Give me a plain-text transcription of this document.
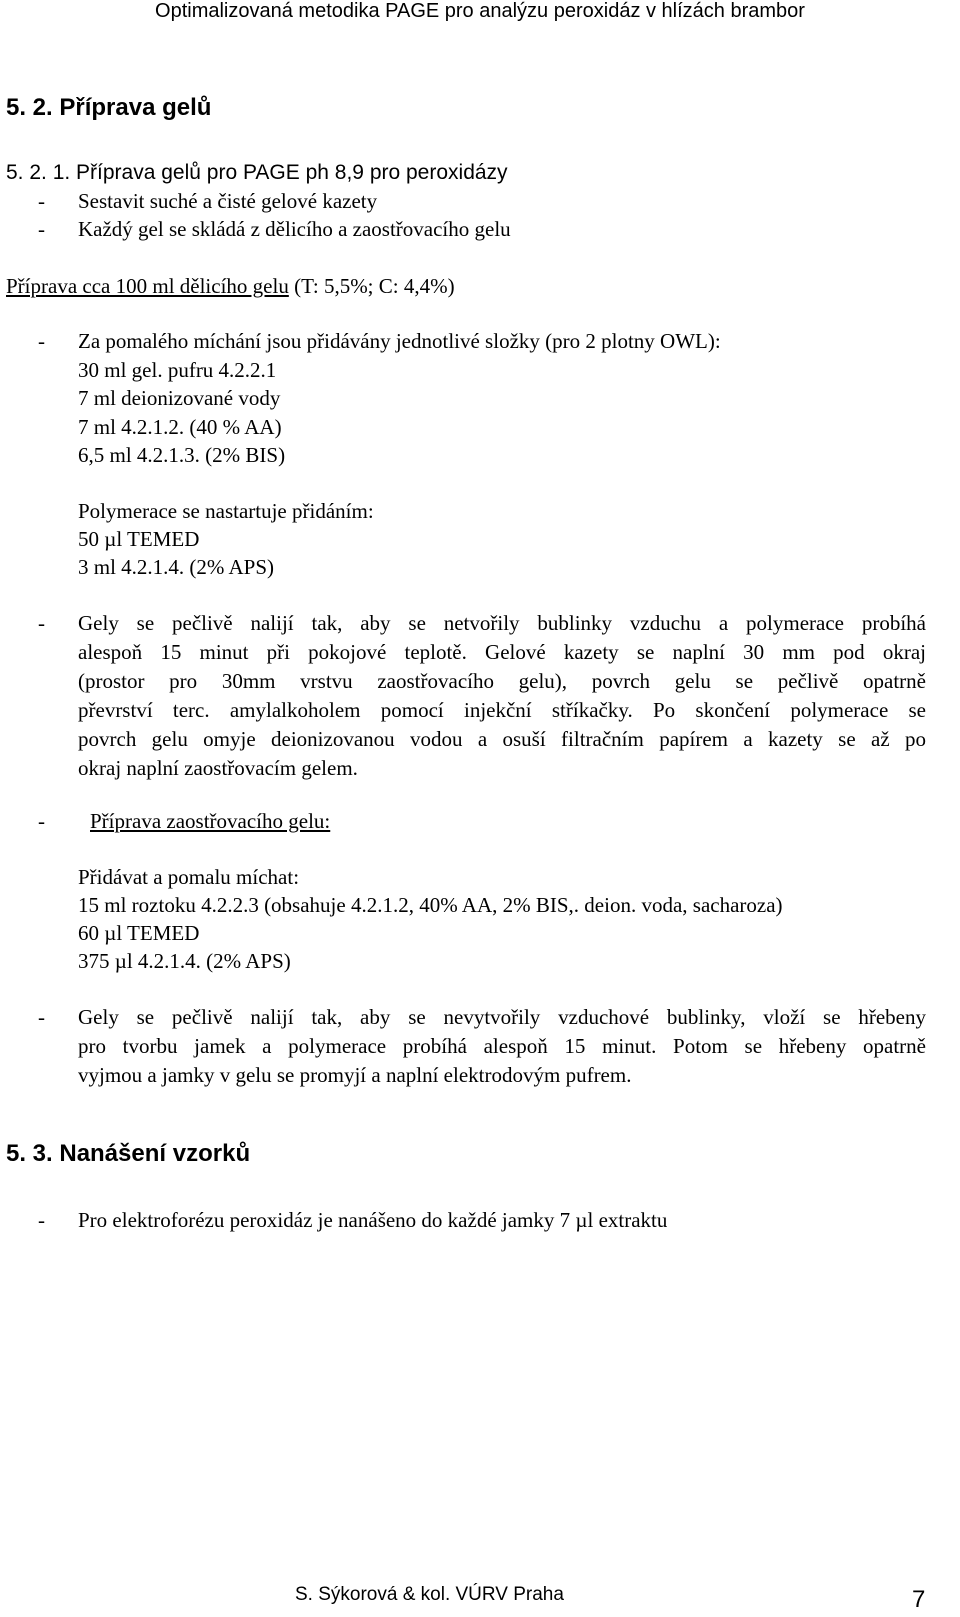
Optimalizovaná metodika PAGE pro analýzu peroxidáz v hlízách brambor
5. 2. Příprava gelů
5. 2. 1. Příprava gelů pro PAGE ph 8,9 pro peroxidázy
- Sestavit suché a čisté gelové kazety
- Každý gel se skládá z dělicího a zaostřovacího gelu
Příprava cca 100 ml dělicího gelu (T: 5,5%; C: 4,4%)
- Za pomalého míchání jsou přidávány jednotlivé složky (pro 2 plotny OWL):
30 ml gel. pufru 4.2.2.1
7 ml deionizované vody
7 ml 4.2.1.2. (40 % AA)
6,5 ml 4.2.1.3. (2% BIS)
Polymerace se nastartuje přidáním:
50 µl TEMED
3 ml 4.2.1.4. (2% APS)
- Gely se pečlivě nalijí tak, aby se netvořily bublinky vzduchu a polymerace probíhá
alespoň 15 minut při pokojové teplotě. Gelové kazety se naplní 30 mm pod okraj
(prostor pro 30mm vrstvu zaostřovacího gelu), povrch gelu se pečlivě opatrně
převrství terc. amylalkoholem pomocí injekční stříkačky. Po skončení polymerace se
povrch gelu omyje deionizovanou vodou a osuší filtračním papírem a kazety se až po
okraj naplní zaostřovacím gelem.
-	Příprava zaostřovacího gelu:
Přidávat a pomalu míchat:
15 ml roztoku 4.2.2.3 (obsahuje 4.2.1.2, 40% AA, 2% BIS,. deion. voda, sacharoza)
60 µl TEMED
375 µl 4.2.1.4. (2% APS)
- Gely se pečlivě nalijí tak, aby se nevytvořily vzduchové bublinky, vloží se hřebeny
pro tvorbu jamek a polymerace probíhá alespoň 15 minut. Potom se hřebeny opatrně
vyjmou a jamky v gelu se promyjí a naplní elektrodovým pufrem.
5. 3. Nanášení vzorků
- Pro elektroforézu peroxidáz je nanášeno do každé jamky 7 µl extraktu
S. Sýkorová & kol. VÚRV Praha	7
